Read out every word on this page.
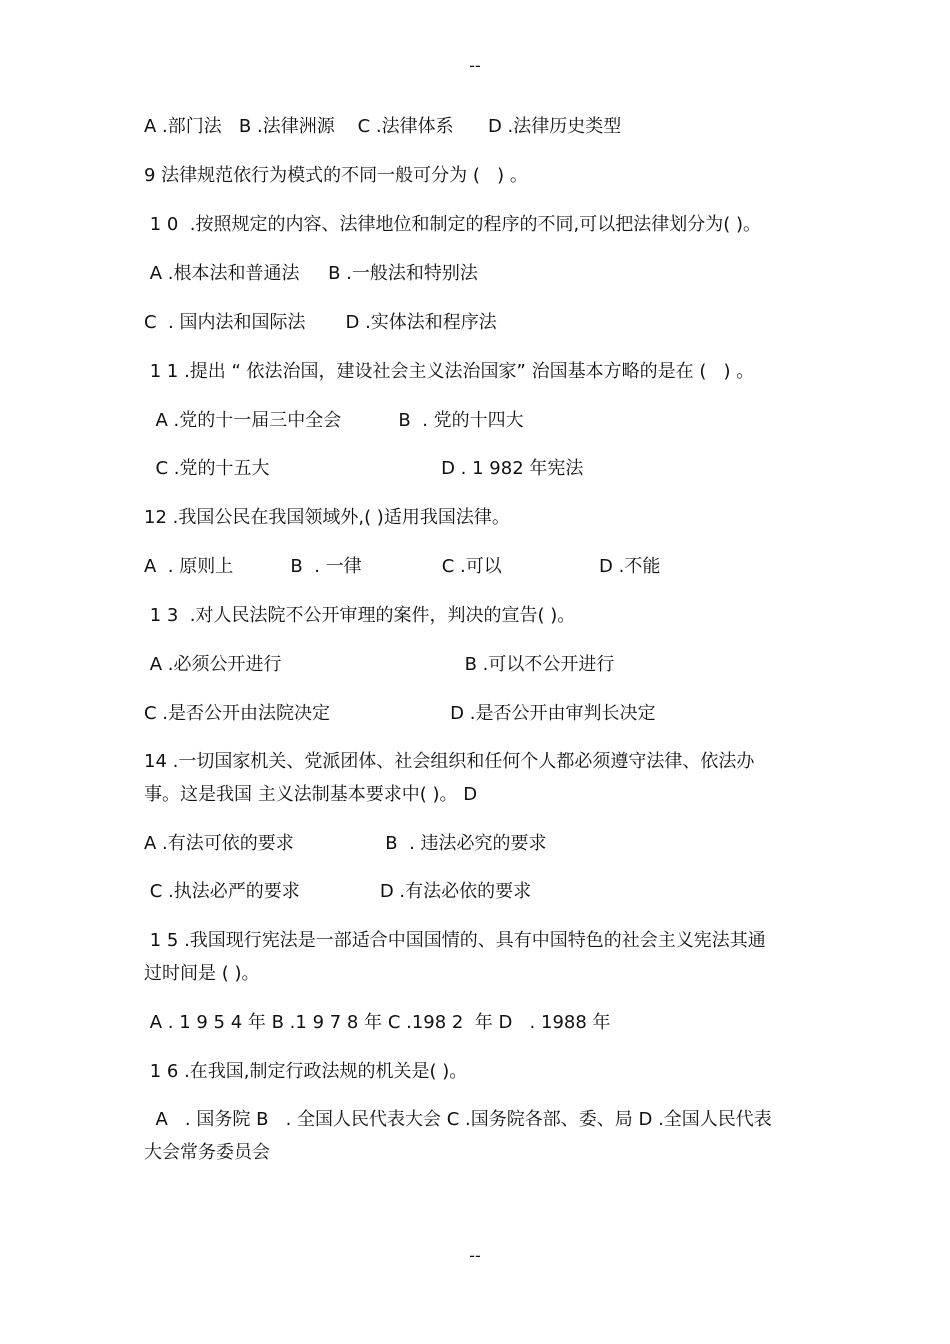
--
A .部门法   B .法律洲源    C .法律体系      D .法律历史类型
9 法律规范依行为模式的不同一般可分为 (   ) 。
1 0  .按照规定的内容、法律地位和制定的程序的不同,可以把法律划分为( )。
A .根本法和普通法     B .一般法和特别法
C  . 国内法和国际法       D .实体法和程序法
1 1 .提出 “ 依法治国，建设社会主义法治国家” 治国基本方略的是在 (   ) 。
A .党的十一届三中全会          B  . 党的十四大
C .党的十五大                              D . 1 982 年宪法
12 .我国公民在我国领域外,( )适用我国法律。
A  . 原则上          B  . 一律              C .可以                 D .不能
1 3  .对人民法院不公开审理的案件，判决的宣告( )。
A .必须公开进行                                B .可以不公开进行
C .是否公开由法院决定                     D .是否公开由审判长决定
14 .一切国家机关、党派团体、社会组织和任何个人都必须遵守法律、依法办
事。这是我国 主义法制基本要求中( )。 D
A .有法可依的要求                B  . 违法必究的要求
C .执法必严的要求              D .有法必依的要求
1 5 .我国现行宪法是一部适合中国国情的、具有中国特色的社会主义宪法其通
过时间是 ( )。
A . 1 9 5 4 年 B .1 9 7 8 年 C .198 2  年 D   . 1988 年
1 6 .在我国,制定行政法规的机关是( )。
A   . 国务院 B   . 全国人民代表大会 C .国务院各部、委、局 D .全国人民代表
大会常务委员会
--
